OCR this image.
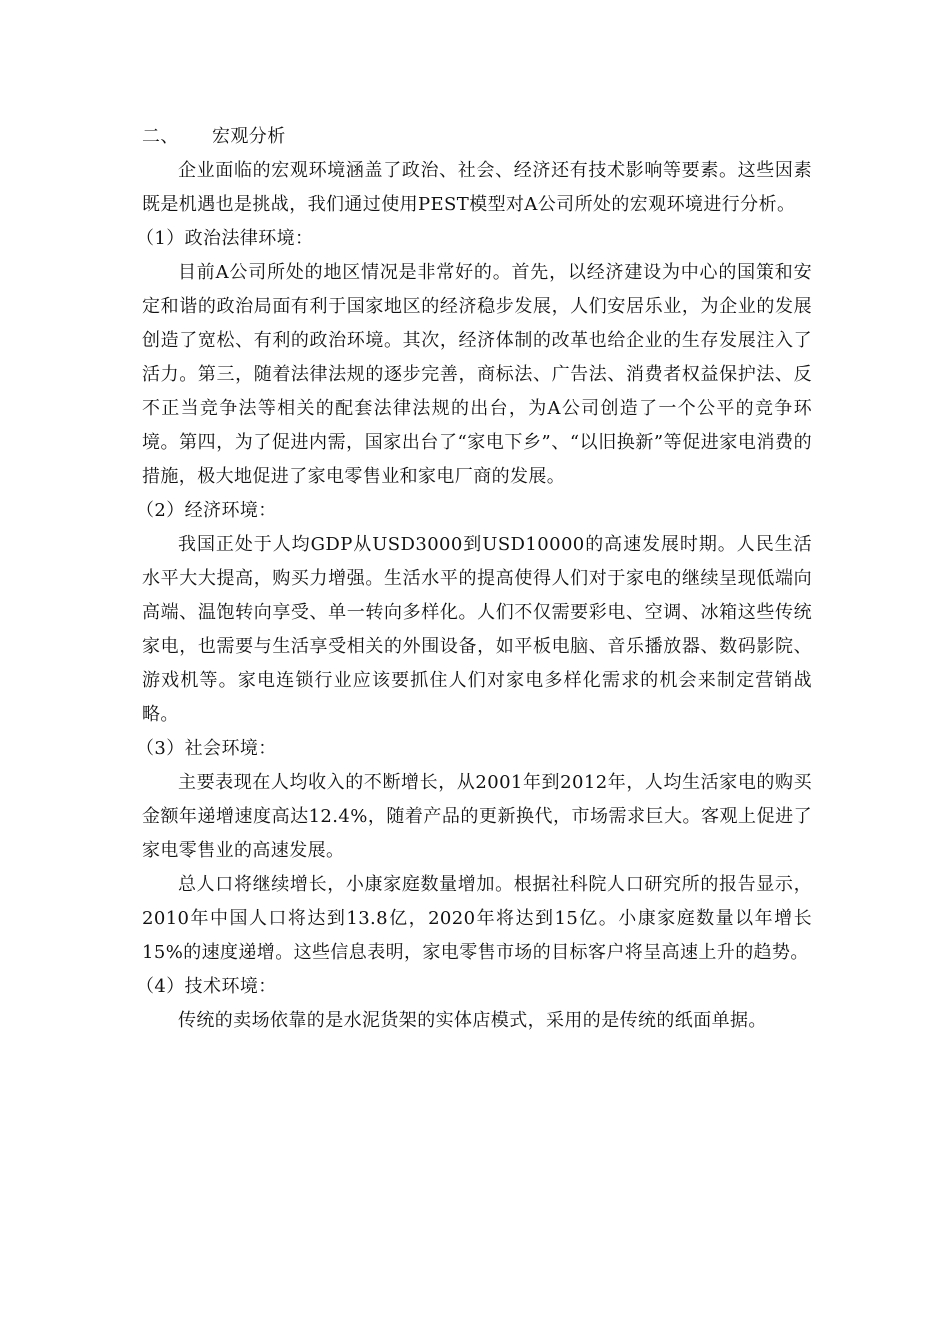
二、 宏观分析

企业面临的宏观环境涵盖了政治、社会、经济还有技术影响等要素。这些因素既是机遇也是挑战，我们通过使用PEST模型对A公司所处的宏观环境进行分析。

（1）政治法律环境：

目前A公司所处的地区情况是非常好的。首先，以经济建设为中心的国策和安定和谐的政治局面有利于国家地区的经济稳步发展，人们安居乐业，为企业的发展创造了宽松、有利的政治环境。其次，经济体制的改革也给企业的生存发展注入了活力。第三，随着法律法规的逐步完善，商标法、广告法、消费者权益保护法、反不正当竞争法等相关的配套法律法规的出台，为A公司创造了一个公平的竞争环境。第四，为了促进内需，国家出台了“家电下乡”、“以旧换新”等促进家电消费的措施，极大地促进了家电零售业和家电厂商的发展。

（2）经济环境：

我国正处于人均GDP从USD3000到USD10000的高速发展时期。人民生活水平大大提高，购买力增强。生活水平的提高使得人们对于家电的继续呈现低端向高端、温饱转向享受、单一转向多样化。人们不仅需要彩电、空调、冰箱这些传统家电，也需要与生活享受相关的外围设备，如平板电脑、音乐播放器、数码影院、游戏机等。家电连锁行业应该要抓住人们对家电多样化需求的机会来制定营销战略。

（3）社会环境：

主要表现在人均收入的不断增长，从2001年到2012年，人均生活家电的购买金额年递增速度高达12.4%，随着产品的更新换代，市场需求巨大。客观上促进了家电零售业的高速发展。

总人口将继续增长，小康家庭数量增加。根据社科院人口研究所的报告显示，2010年中国人口将达到13.8亿，2020年将达到15亿。小康家庭数量以年增长15%的速度递增。这些信息表明，家电零售市场的目标客户将呈高速上升的趋势。

（4）技术环境：

传统的卖场依靠的是水泥货架的实体店模式，采用的是传统的纸面单据。
